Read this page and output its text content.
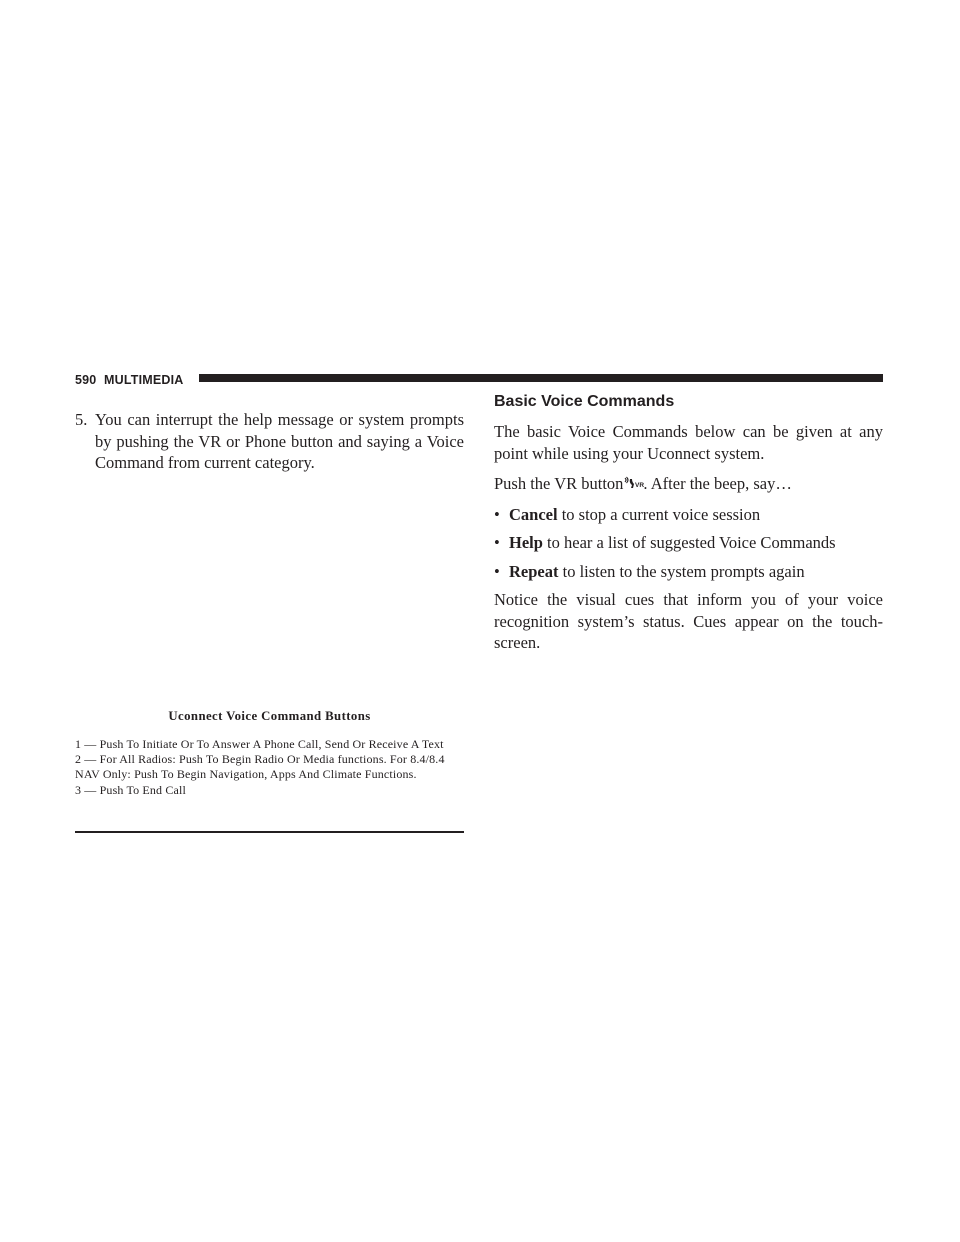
590 MULTIMEDIA
5. You can interrupt the help message or system prompts by pushing the VR or Phone button and saying a Voice Command from current category.
Uconnect Voice Command Buttons
1 — Push To Initiate Or To Answer A Phone Call, Send Or Receive A Text
2 — For All Radios: Push To Begin Radio Or Media functions. For 8.4/8.4 NAV Only: Push To Begin Navigation, Apps And Climate Functions.
3 — Push To End Call
Basic Voice Commands

The basic Voice Commands below can be given at any point while using your Uconnect system.

Push the VR button VR
. After the beep, say…

• Cancel to stop a current voice session
• Help to hear a list of suggested Voice Commands
• Repeat to listen to the system prompts again

Notice the visual cues that inform you of your voice recognition system’s status. Cues appear on the touch-screen.
